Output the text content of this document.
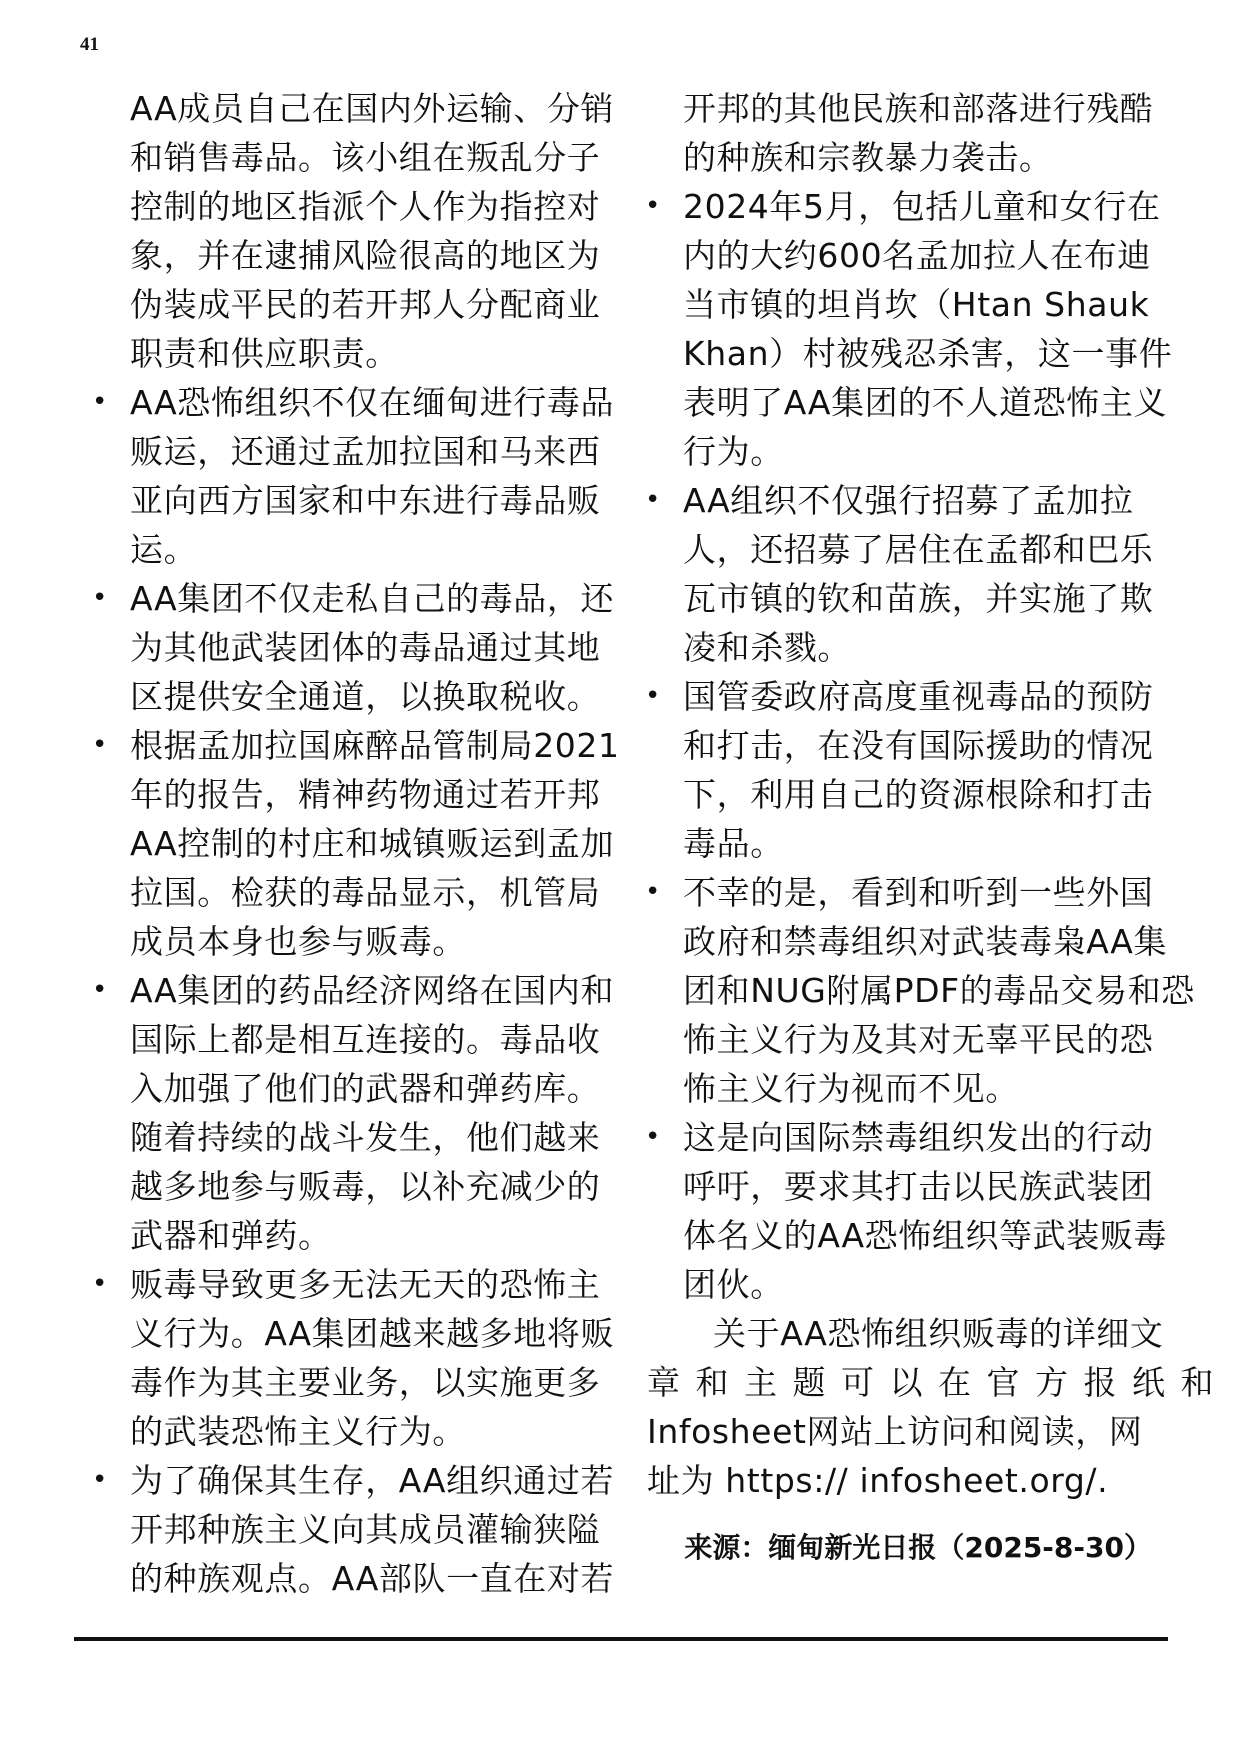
41
AA成员自己在国内外运输、分销
和销售毒品。该小组在叛乱分子
控制的地区指派个人作为指控对
象，并在逮捕风险很高的地区为
伪装成平民的若开邦人分配商业
职责和供应职责。
• AA恐怖组织不仅在缅甸进行毒品
贩运，还通过孟加拉国和马来西
亚向西方国家和中东进行毒品贩
运。
• AA集团不仅走私自己的毒品，还
为其他武装团体的毒品通过其地
区提供安全通道，以换取税收。
• 根据孟加拉国麻醉品管制局2021
年的报告，精神药物通过若开邦
AA控制的村庄和城镇贩运到孟加
拉国。检获的毒品显示，机管局
成员本身也参与贩毒。
• AA集团的药品经济网络在国内和
国际上都是相互连接的。毒品收
入加强了他们的武器和弹药库。
随着持续的战斗发生，他们越来
越多地参与贩毒，以补充减少的
武器和弹药。
• 贩毒导致更多无法无天的恐怖主
义行为。AA集团越来越多地将贩
毒作为其主要业务，以实施更多
的武装恐怖主义行为。
• 为了确保其生存，AA组织通过若
开邦种族主义向其成员灌输狭隘
的种族观点。AA部队一直在对若
开邦的其他民族和部落进行残酷
的种族和宗教暴力袭击。
• 2024年5月，包括儿童和女行在
内的大约600名孟加拉人在布迪
当市镇的坦肖坎（Htan Shauk
Khan）村被残忍杀害，这一事件
表明了AA集团的不人道恐怖主义
行为。
• AA组织不仅强行招募了孟加拉
人，还招募了居住在孟都和巴乐
瓦市镇的钦和苗族，并实施了欺
凌和杀戮。
• 国管委政府高度重视毒品的预防
和打击，在没有国际援助的情况
下，利用自己的资源根除和打击
毒品。
• 不幸的是，看到和听到一些外国
政府和禁毒组织对武装毒枭AA集
团和NUG附属PDF的毒品交易和恐
怖主义行为及其对无辜平民的恐
怖主义行为视而不见。
• 这是向国际禁毒组织发出的行动
呼吁，要求其打击以民族武装团
体名义的AA恐怖组织等武装贩毒
团伙。
关于AA恐怖组织贩毒的详细文
章和主题可以在官方报纸和
Infosheet网站上访问和阅读，网
址为 https:// infosheet.org/.
来源：缅甸新光日报（2025-8-30）
